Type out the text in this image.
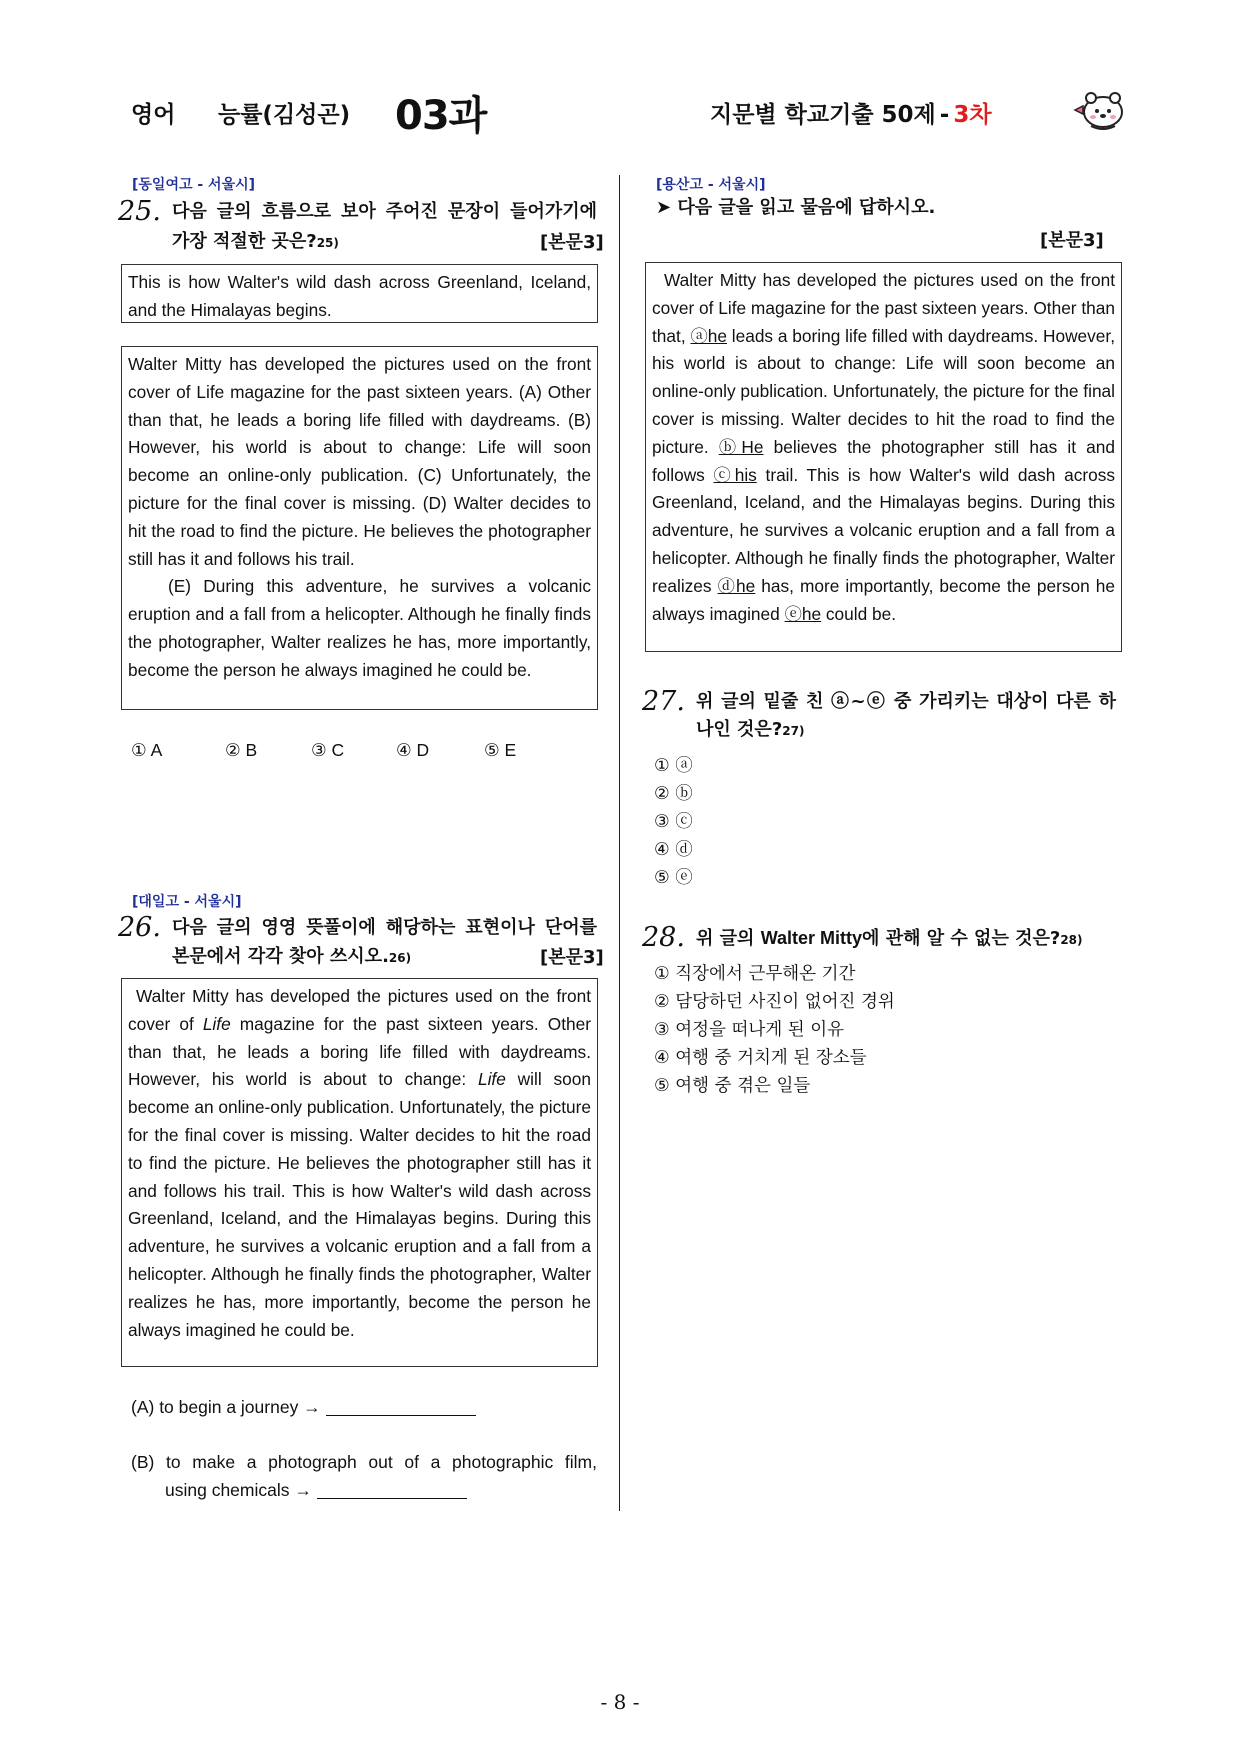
영어 능률(김성곤) 03과	지문별 학교기출 50제 - 3차
[동일여고 - 서울시]
25. 다음 글의 흐름으로 보아 주어진 문장이 들어가기에
가장 적절한 곳은?25)	[본문3]

This is how Walter's wild dash across Greenland, Iceland, and the Himalayas begins.

Walter Mitty has developed the pictures used on the front cover of Life magazine for the past sixteen years. (A) Other than that, he leads a boring life filled with daydreams. (B) However, his world is about to change: Life will soon become an online-only publication. (C) Unfortunately, the picture for the final cover is missing. (D) Walter decides to hit the road to find the picture. He believes the photographer still has it and follows his trail.

(E) During this adventure, he survives a volcanic eruption and a fall from a helicopter. Although he finally finds the photographer, Walter realizes he has, more importantly, become the person he always imagined he could be.

① A	② B	③ C	④ D	⑤ E
[대일고 - 서울시]
26. 다음 글의 영영 뜻풀이에 해당하는 표현이나 단어를
본문에서 각각 찾아 쓰시오.26)	[본문3]

Walter Mitty has developed the pictures used on the front cover of Life magazine for the past sixteen years. Other than that, he leads a boring life filled with daydreams. However, his world is about to change: Life will soon become an online-only publication. Unfortunately, the picture for the final cover is missing. Walter decides to hit the road to find the picture. He believes the photographer still has it and follows his trail. This is how Walter's wild dash across Greenland, Iceland, and the Himalayas begins. During this adventure, he survives a volcanic eruption and a fall from a helicopter. Although he finally finds the photographer, Walter realizes he has, more importantly, become the person he always imagined he could be.

(A) to begin a journey →
(B) to make a photograph out of a photographic film,
using chemicals →
[용산고 - 서울시]
➤ 다음 글을 읽고 물음에 답하시오.
[본문3]

Walter Mitty has developed the pictures used on the front cover of Life magazine for the past sixteen years. Other than that, ⓐhe leads a boring life filled with daydreams. However, his world is about to change: Life will soon become an online-only publication. Unfortunately, the picture for the final cover is missing. Walter decides to hit the road to find the picture. ⓑHe believes the photographer still has it and follows ⓒhis trail. This is how Walter's wild dash across Greenland, Iceland, and the Himalayas begins. During this adventure, he survives a volcanic eruption and a fall from a helicopter. Although he finally finds the photographer, Walter realizes ⓓhe has, more importantly, become the person he always imagined ⓔhe could be.

27. 위 글의 밑줄 친 ⓐ~ⓔ 중 가리키는 대상이 다른 하
나인 것은?27)
① ⓐ
② ⓑ
③ ⓒ
④ ⓓ
⑤ ⓔ
28. 위 글의 Walter Mitty에 관해 알 수 없는 것은?28)
① 직장에서 근무해온 기간
② 담당하던 사진이 없어진 경위
③ 여정을 떠나게 된 이유
④ 여행 중 거치게 된 장소들
⑤ 여행 중 겪은 일들
- 8 -
